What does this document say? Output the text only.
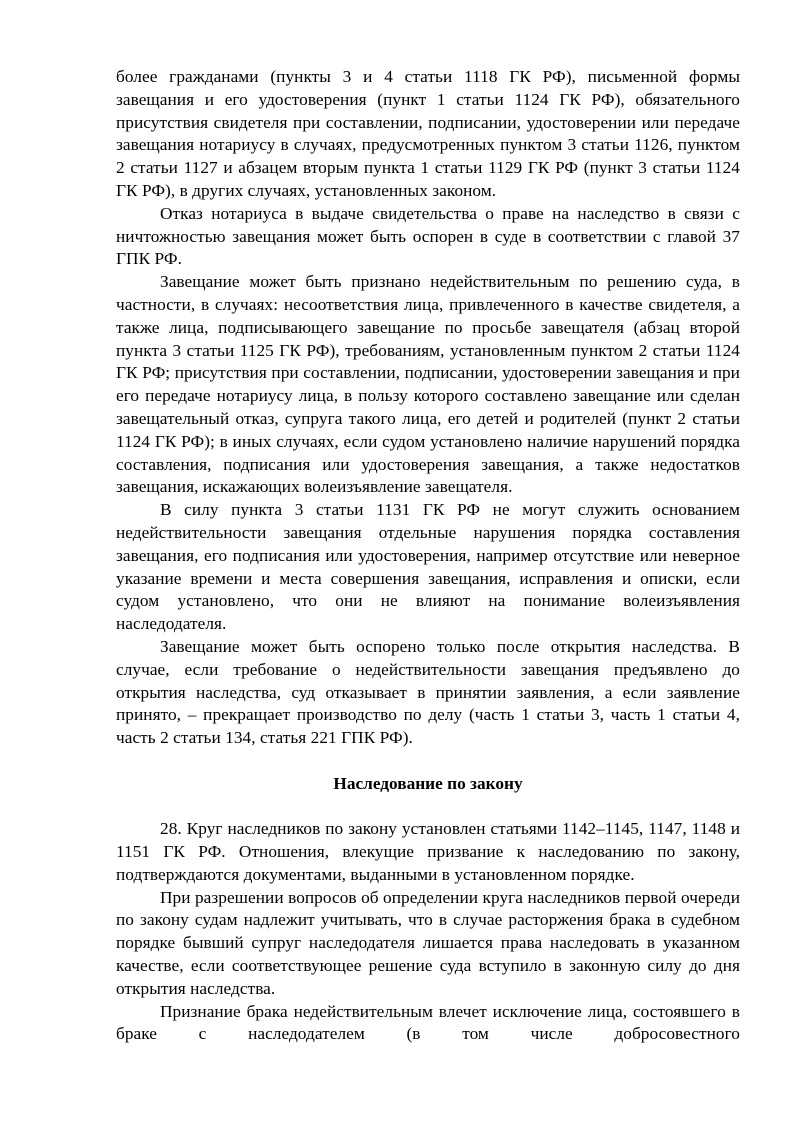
более гражданами (пункты 3 и 4 статьи 1118 ГК РФ), письменной формы завещания и его удостоверения (пункт 1 статьи 1124 ГК РФ), обязательного присутствия свидетеля при составлении, подписании, удостоверении или передаче завещания нотариусу в случаях, предусмотренных пунктом 3 статьи 1126, пунктом 2 статьи 1127 и абзацем вторым пункта 1 статьи 1129 ГК РФ (пункт 3 статьи 1124 ГК РФ), в других случаях, установленных законом.

Отказ нотариуса в выдаче свидетельства о праве на наследство в связи с ничтожностью завещания может быть оспорен в суде в соответствии с главой 37 ГПК РФ.

Завещание может быть признано недействительным по решению суда, в частности, в случаях: несоответствия лица, привлеченного в качестве свидетеля, а также лица, подписывающего завещание по просьбе завещателя (абзац второй пункта 3 статьи 1125 ГК РФ), требованиям, установленным пунктом 2 статьи 1124 ГК РФ; присутствия при составлении, подписании, удостоверении завещания и при его передаче нотариусу лица, в пользу которого составлено завещание или сделан завещательный отказ, супруга такого лица, его детей и родителей (пункт 2 статьи 1124 ГК РФ); в иных случаях, если судом установлено наличие нарушений порядка составления, подписания или удостоверения завещания, а также недостатков завещания, искажающих волеизъявление завещателя.

В силу пункта 3 статьи 1131 ГК РФ не могут служить основанием недействительности завещания отдельные нарушения порядка составления завещания, его подписания или удостоверения, например отсутствие или неверное указание времени и места совершения завещания, исправления и описки, если судом установлено, что они не влияют на понимание волеизъявления наследодателя.

Завещание может быть оспорено только после открытия наследства. В случае, если требование о недействительности завещания предъявлено до открытия наследства, суд отказывает в принятии заявления, а если заявление принято, – прекращает производство по делу (часть 1 статьи 3, часть 1 статьи 4, часть 2 статьи 134, статья 221 ГПК РФ).

Наследование по закону

28. Круг наследников по закону установлен статьями 1142–1145, 1147, 1148 и 1151 ГК РФ. Отношения, влекущие призвание к наследованию по закону, подтверждаются документами, выданными в установленном порядке.

При разрешении вопросов об определении круга наследников первой очереди по закону судам надлежит учитывать, что в случае расторжения брака в судебном порядке бывший супруг наследодателя лишается права наследовать в указанном качестве, если соответствующее решение суда вступило в законную силу до дня открытия наследства.

Признание брака недействительным влечет исключение лица, состоявшего в браке с наследодателем (в том числе добросовестного
